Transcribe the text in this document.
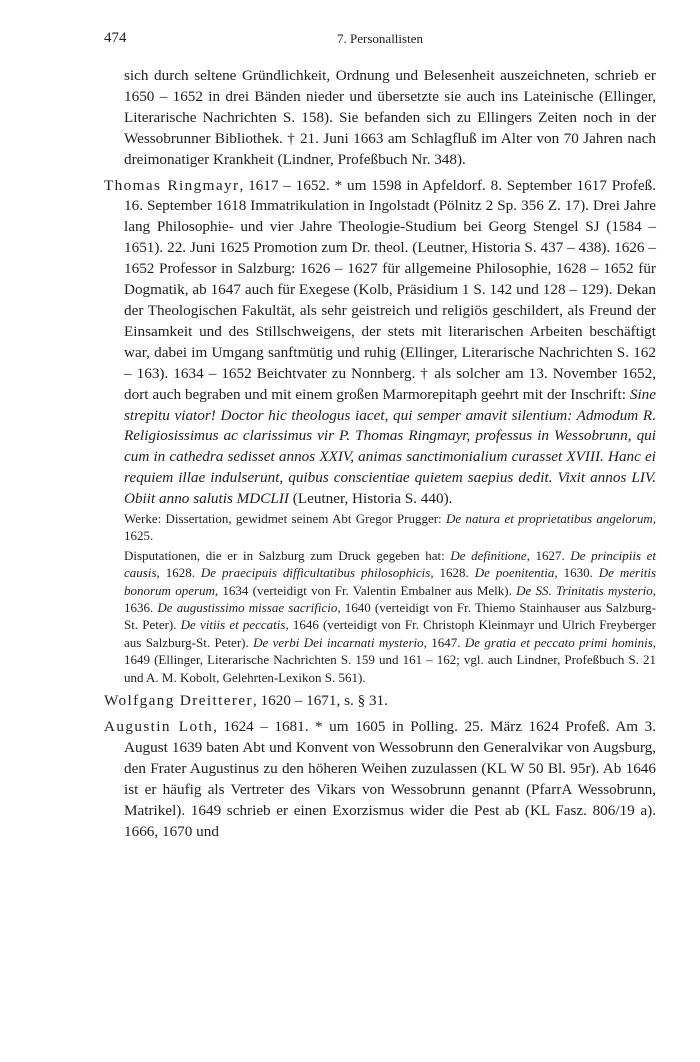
474	7. Personallisten

sich durch seltene Gründlichkeit, Ordnung und Belesenheit auszeichneten, schrieb er 1650 – 1652 in drei Bänden nieder und übersetzte sie auch ins Lateinische (Ellinger, Literarische Nachrichten S. 158). Sie befanden sich zu Ellingers Zeiten noch in der Wessobrunner Bibliothek. † 21. Juni 1663 am Schlagfluß im Alter von 70 Jahren nach dreimonatiger Krankheit (Lindner, Profeßbuch Nr. 348).

Thomas Ringmayr, 1617 – 1652. * um 1598 in Apfeldorf. 8. September 1617 Profeß. 16. September 1618 Immatrikulation in Ingolstadt (Pölnitz 2 Sp. 356 Z. 17). Drei Jahre lang Philosophie- und vier Jahre Theologie-Studium bei Georg Stengel SJ (1584 – 1651). 22. Juni 1625 Promotion zum Dr. theol. (Leutner, Historia S. 437 – 438). 1626 – 1652 Professor in Salzburg: 1626 – 1627 für allgemeine Philosophie, 1628 – 1652 für Dogmatik, ab 1647 auch für Exegese (Kolb, Präsidium 1 S. 142 und 128 – 129). Dekan der Theologischen Fakultät, als sehr geistreich und religiös geschildert, als Freund der Einsamkeit und des Stillschweigens, der stets mit literarischen Arbeiten beschäftigt war, dabei im Umgang sanftmütig und ruhig (Ellinger, Literarische Nachrichten S. 162 – 163). 1634 – 1652 Beichtvater zu Nonnberg. † als solcher am 13. November 1652, dort auch begraben und mit einem großen Marmorepitaph geehrt mit der Inschrift: Sine strepitu viator! Doctor hic theologus iacet, qui semper amavit silentium: Admodum R. Religiosissimus ac clarissimus vir P. Thomas Ringmayr, professus in Wessobrunn, qui cum in cathedra sedisset annos XXIV, animas sanctimonialium curasset XVIII. Hanc ei requiem illae indulserunt, quibus conscientiae quietem saepius dedit. Vixit annos LIV. Obiit anno salutis MDCLII (Leutner, Historia S. 440).

Werke: Dissertation, gewidmet seinem Abt Gregor Prugger: De natura et proprietatibus angelorum, 1625.

Disputationen, die er in Salzburg zum Druck gegeben hat: De definitione, 1627. De principiis et causis, 1628. De praecipuis difficultatibus philosophicis, 1628. De poenitentia, 1630. De meritis bonorum operum, 1634 (verteidigt von Fr. Valentin Embalner aus Melk). De SS. Trinitatis mysterio, 1636. De augustissimo missae sacrificio, 1640 (verteidigt von Fr. Thiemo Stainhauser aus Salzburg-St. Peter). De vitiis et peccatis, 1646 (verteidigt von Fr. Christoph Kleinmayr und Ulrich Freyberger aus Salzburg-St. Peter). De verbi Dei incarnati mysterio, 1647. De gratia et peccato primi hominis, 1649 (Ellinger, Literarische Nachrichten S. 159 und 161 – 162; vgl. auch Lindner, Profeßbuch S. 21 und A. M. Kobolt, Gelehrten-Lexikon S. 561).

Wolfgang Dreitterer, 1620 – 1671, s. § 31.

Augustin Loth, 1624 – 1681. * um 1605 in Polling. 25. März 1624 Profeß. Am 3. August 1639 baten Abt und Konvent von Wessobrunn den Generalvikar von Augsburg, den Frater Augustinus zu den höheren Weihen zuzulassen (KL W 50 Bl. 95r). Ab 1646 ist er häufig als Vertreter des Vikars von Wessobrunn genannt (PfarrA Wessobrunn, Matrikel). 1649 schrieb er einen Exorzismus wider die Pest ab (KL Fasz. 806/19 a). 1666, 1670 und
